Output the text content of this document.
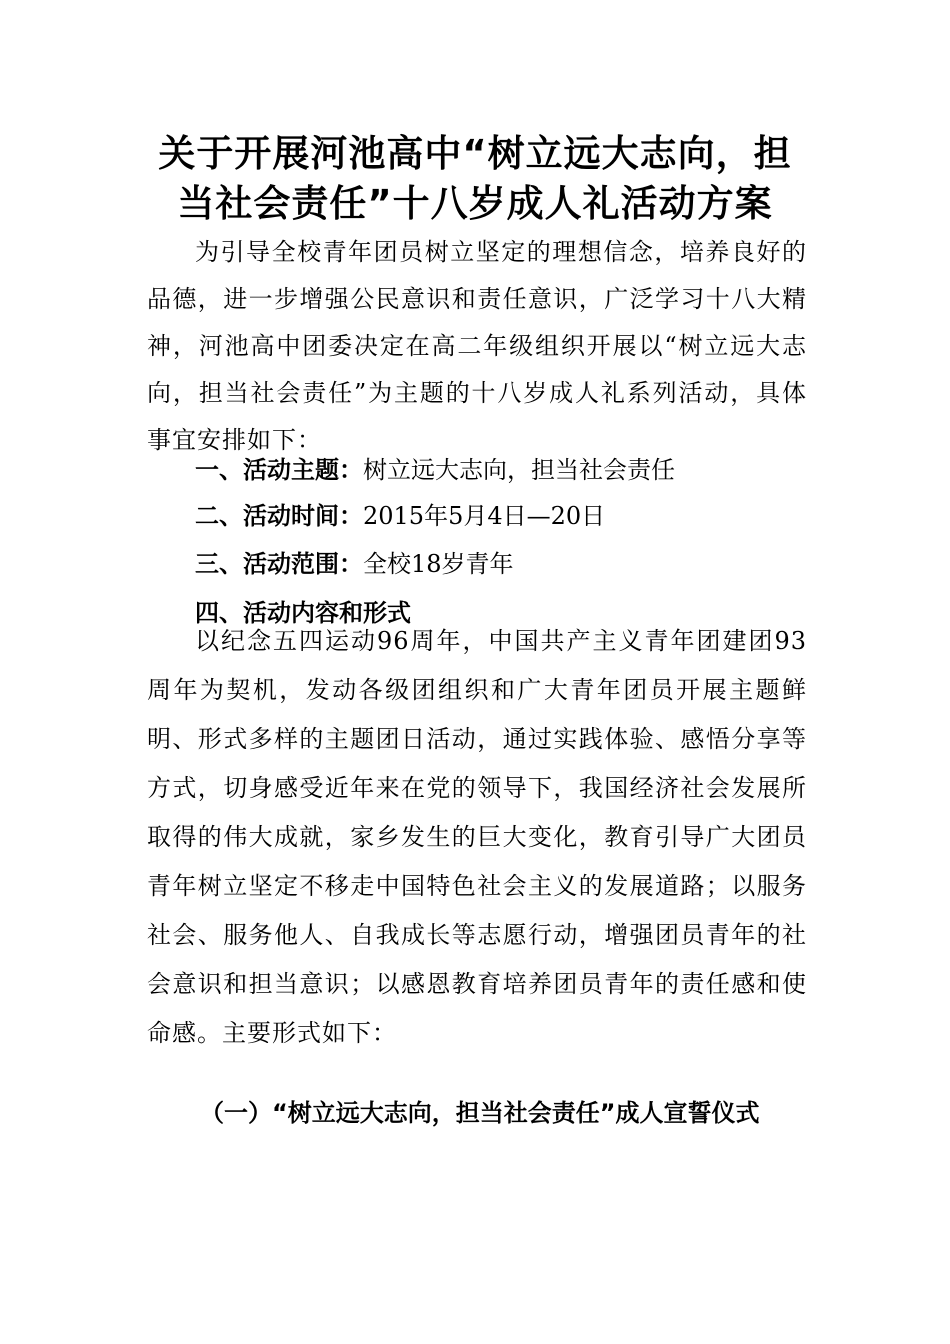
关于开展河池高中“树立远大志向，担
当社会责任”十八岁成人礼活动方案

为引导全校青年团员树立坚定的理想信念，培养良好的品德，进一步增强公民意识和责任意识，广泛学习十八大精神，河池高中团委决定在高二年级组织开展以“树立远大志向，担当社会责任”为主题的十八岁成人礼系列活动，具体事宜安排如下：

一、活动主题：树立远大志向，担当社会责任
二、活动时间：2015年5月4日—20日
三、活动范围：全校18岁青年
四、活动内容和形式

以纪念五四运动96周年，中国共产主义青年团建团93周年为契机，发动各级团组织和广大青年团员开展主题鲜明、形式多样的主题团日活动，通过实践体验、感悟分享等方式，切身感受近年来在党的领导下，我国经济社会发展所取得的伟大成就，家乡发生的巨大变化，教育引导广大团员青年树立坚定不移走中国特色社会主义的发展道路；以服务社会、服务他人、自我成长等志愿行动，增强团员青年的社会意识和担当意识；以感恩教育培养团员青年的责任感和使命感。主要形式如下：

（一）“树立远大志向，担当社会责任”成人宣誓仪式
